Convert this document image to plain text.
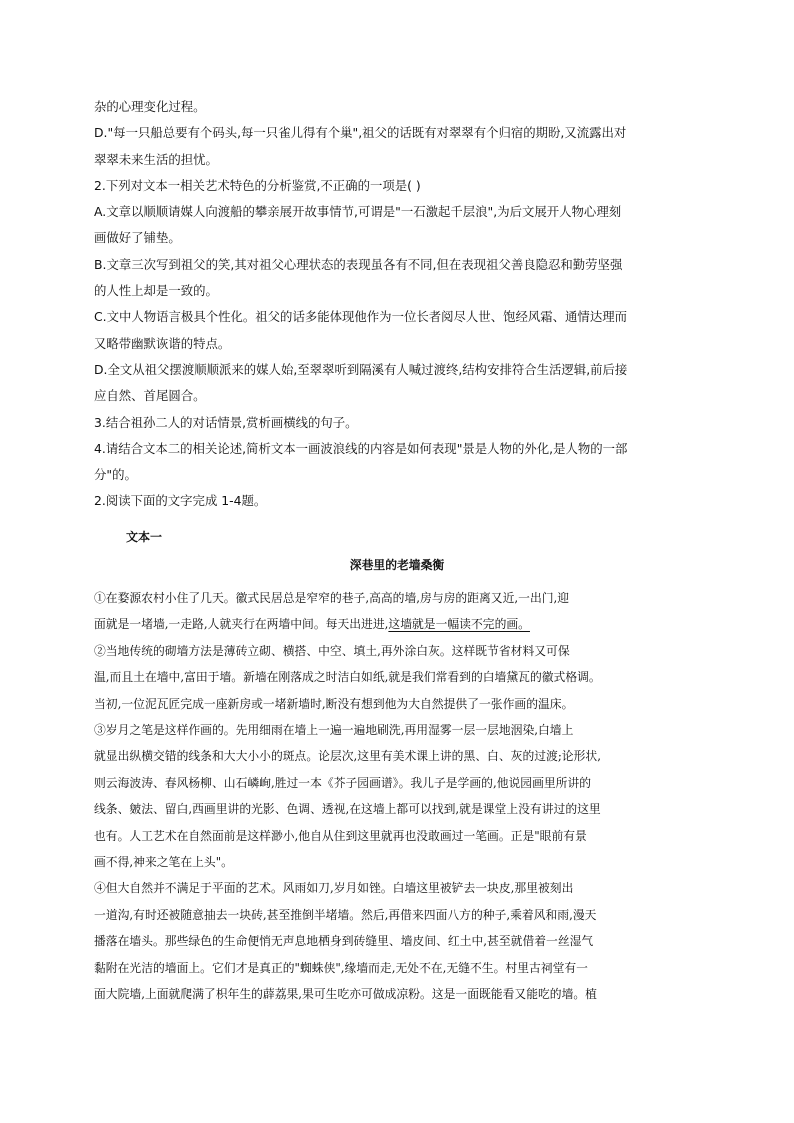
杂的心理变化过程。

D."每一只船总要有个码头,每一只雀儿得有个巢",祖父的话既有对翠翠有个归宿的期盼,又流露出对

翠翠未来生活的担忧。

2.下列对文本一相关艺术特色的分析鉴赏,不正确的一项是( )

A.文章以顺顺请媒人向渡船的攀亲展开故事情节,可谓是"一石激起千层浪",为后文展开人物心理刻

画做好了铺垫。

B.文章三次写到祖父的笑,其对祖父心理状态的表现虽各有不同,但在表现祖父善良隐忍和勤劳坚强

的人性上却是一致的。

C.文中人物语言极具个性化。祖父的话多能体现他作为一位长者阅尽人世、饱经风霜、通情达理而

又略带幽默诙谐的特点。

D.全文从祖父摆渡顺顺派来的媒人始,至翠翠听到隔溪有人喊过渡终,结构安排符合生活逻辑,前后接

应自然、首尾圆合。

3.结合祖孙二人的对话情景,赏析画横线的句子。

4.请结合文本二的相关论述,简析文本一画波浪线的内容是如何表现"景是人物的外化,是人物的一部

分"的。

2.阅读下面的文字完成 1-4题。

文本一
深巷里的老墙桑衡

①在婺源农村小住了几天。徽式民居总是窄窄的巷子,高高的墙,房与房的距离又近,一出门,迎

面就是一堵墙,一走路,人就夹行在两墙中间。每天出进进,这墙就是一幅读不完的画。

②当地传统的砌墙方法是薄砖立砌、横搭、中空、填土,再外涂白灰。这样既节省材料又可保

温,而且土在墙中,富田于墙。新墙在刚落成之时洁白如纸,就是我们常看到的白墙黛瓦的徽式格调。

当初,一位泥瓦匠完成一座新房或一堵新墙时,断没有想到他为大自然提供了一张作画的温床。

③岁月之笔是这样作画的。先用细雨在墙上一遍一遍地刷洗,再用湿雾一层一层地洇染,白墙上

就显出纵横交错的线条和大大小小的斑点。论层次,这里有美术课上讲的黑、白、灰的过渡;论形状,

则云海波涛、春风杨柳、山石嶙峋,胜过一本《芥子园画谱》。我儿子是学画的,他说园画里所讲的

线条、皴法、留白,西画里讲的光影、色调、透视,在这墙上都可以找到,就是课堂上没有讲过的这里

也有。人工艺术在自然面前是这样渺小,他自从住到这里就再也没敢画过一笔画。正是"眼前有景

画不得,神来之笔在上头"。

④但大自然并不满足于平面的艺术。风雨如刀,岁月如锉。白墙这里被铲去一块皮,那里被刻出

一道沟,有时还被随意抽去一块砖,甚至推倒半堵墙。然后,再借来四面八方的种子,乘着风和雨,漫天

播落在墙头。那些绿色的生命便悄无声息地栖身到砖缝里、墙皮间、红土中,甚至就借着一丝湿气

黏附在光洁的墙面上。它们才是真正的"蜘蛛侠",缘墙而走,无处不在,无缝不生。村里古祠堂有一

面大院墙,上面就爬满了枳年生的薜荔果,果可生吃亦可做成凉粉。这是一面既能看又能吃的墙。植
